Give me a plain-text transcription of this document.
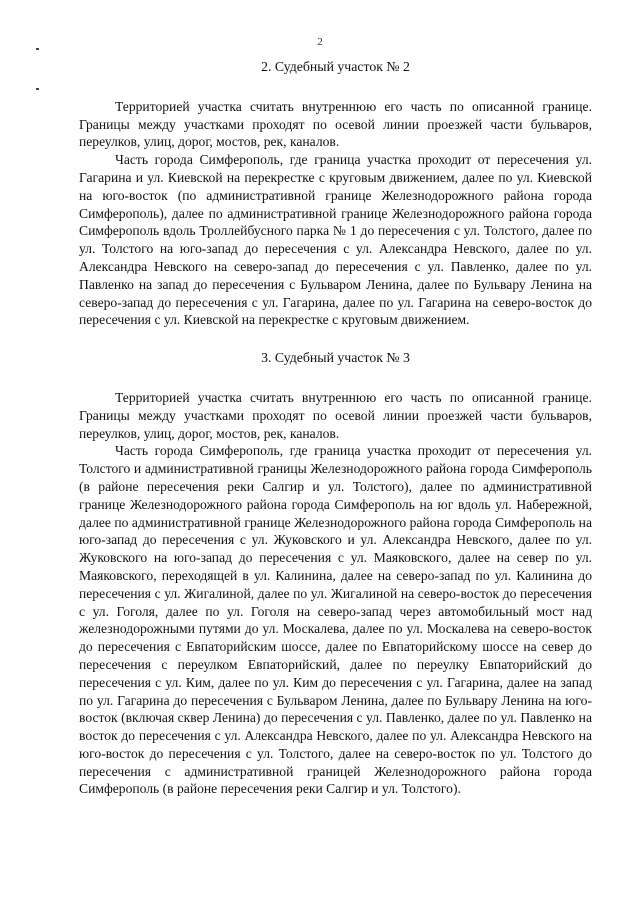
2
2. Судебный участок № 2

Территорией участка считать внутреннюю его часть по описанной границе. Границы между участками проходят по осевой линии проезжей части бульваров, переулков, улиц, дорог, мостов, рек, каналов.

Часть города Симферополь, где граница участка проходит от пересечения ул. Гагарина и ул. Киевской на перекрестке с круговым движением, далее по ул. Киевской на юго-восток (по административной границе Железнодорожного района города Симферополь), далее по административной границе Железнодорожного района города Симферополь вдоль Троллейбусного парка № 1 до пересечения с ул. Толстого, далее по ул. Толстого на юго-запад до пересечения с ул. Александра Невского, далее по ул. Александра Невского на северо-запад до пересечения с ул. Павленко, далее по ул. Павленко на запад до пересечения с Бульваром Ленина, далее по Бульвару Ленина на северо-запад до пересечения с ул. Гагарина, далее по ул. Гагарина на северо-восток до пересечения с ул. Киевской на перекрестке с круговым движением.

3. Судебный участок № 3

Территорией участка считать внутреннюю его часть по описанной границе. Границы между участками проходят по осевой линии проезжей части бульваров, переулков, улиц, дорог, мостов, рек, каналов.

Часть города Симферополь, где граница участка проходит от пересечения ул. Толстого и административной границы Железнодорожного района города Симферополь (в районе пересечения реки Салгир и ул. Толстого), далее по административной границе Железнодорожного района города Симферополь на юг вдоль ул. Набережной, далее по административной границе Железнодорожного района города Симферополь на юго-запад до пересечения с ул. Жуковского и ул. Александра Невского, далее по ул. Жуковского на юго-запад до пересечения с ул. Маяковского, далее на север по ул. Маяковского, переходящей в ул. Калинина, далее на северо-запад по ул. Калинина до пересечения с ул. Жигалиной, далее по ул. Жигалиной на северо-восток до пересечения с ул. Гоголя, далее по ул. Гоголя на северо-запад через автомобильный мост над железнодорожными путями до ул. Москалева, далее по ул. Москалева на северо-восток до пересечения с Евпаторийским шоссе, далее по Евпаторийскому шоссе на север до пересечения с переулком Евпаторийский, далее по переулку Евпаторийский до пересечения с ул. Ким, далее по ул. Ким до пересечения с ул. Гагарина, далее на запад по ул. Гагарина до пересечения с Бульваром Ленина, далее по Бульвару Ленина на юго-восток (включая сквер Ленина) до пересечения с ул. Павленко, далее по ул. Павленко на восток до пересечения с ул. Александра Невского, далее по ул. Александра Невского на юго-восток до пересечения с ул. Толстого, далее на северо-восток по ул. Толстого до пересечения с административной границей Железнодорожного района города Симферополь (в районе пересечения реки Салгир и ул. Толстого).
